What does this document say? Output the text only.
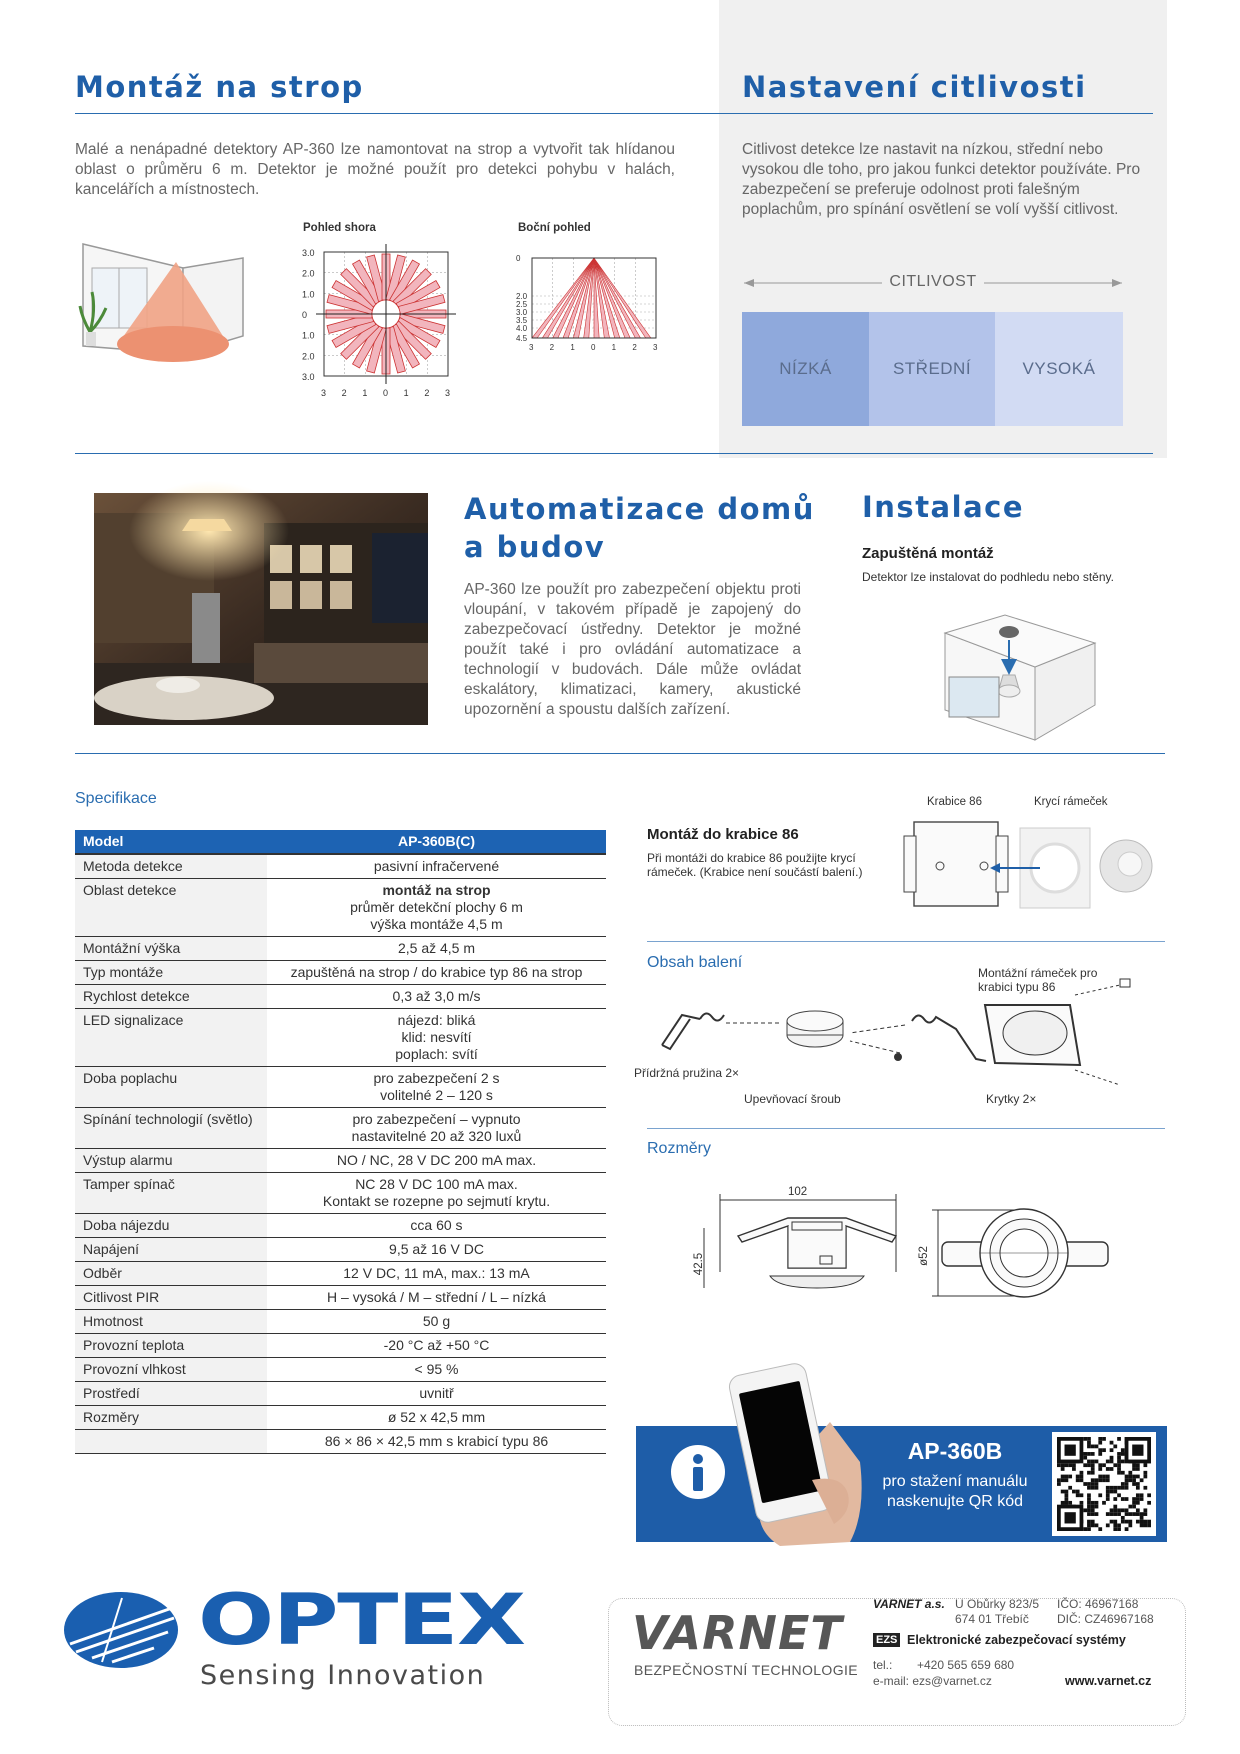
Montáž na strop
Malé a nenápadné detektory AP-360 lze namontovat na strop a vytvořit tak hlídanou oblast o průměru 6 m. Detektor je možné použít pro detekci pohybu v halách, kancelářích a místnostech.
Pohled shora
3.0
2.0
1.0
0
1.0
2.0
3.0
3 2 1 0 1 2 3
Boční pohled
0
2.0
2.5
3.0
3.5
4.0
4.5
3 2 1 0 1 2 3
Nastavení citlivosti
Citlivost detekce lze nastavit na nízkou, střední nebo vysokou dle toho, pro jakou funkci detektor používáte. Pro zabezpečení se preferuje odolnost proti falešným poplachům, pro spínání osvětlení se volí vyšší citlivost.
CITLIVOST
NÍZKÁ	STŘEDNÍ	VYSOKÁ
Automatizace domů
a budov
AP-360 lze použít pro zabezpečení objektu proti vloupání, v takovém případě je zapojený do zabezpečovací ústředny. Detektor je možné použít také i pro ovládání automatizace a technologií v budovách. Dále může ovládat eskalátory, klimatizaci, kamery, akustické upozornění a spoustu dalších zařízení.
Instalace
Zapuštěná montáž
Detektor lze instalovat do podhledu nebo stěny.
Specifikace
Model	AP-360B(C)
Metoda detekce	pasivní infračervené

Oblast detekce	montáž na strop
průměr detekční plochy 6 m
výška montáže 4,5 m

Montážní výška	2,5 až 4,5 m

Typ montáže	zapuštěná na strop / do krabice typ 86 na strop

Rychlost detekce	0,3 až 3,0 m/s

LED signalizace	nájezd: bliká
klid: nesvítí
poplach: svítí

Doba poplachu	pro zabezpečení 2 s
volitelné 2 – 120 s

Spínání technologií (světlo)	pro zabezpečení – vypnuto
nastavitelné 20 až 320 luxů

Výstup alarmu	NO / NC, 28 V DC 200 mA max.

Tamper spínač	NC 28 V DC 100 mA max.
Kontakt se rozepne po sejmutí krytu.

Doba nájezdu	cca 60 s

Napájení	9,5 až 16 V DC

Odběr	12 V DC, 11 mA, max.: 13 mA

Citlivost PIR	H – vysoká / M – střední / L – nízká

Hmotnost	50 g

Provozní teplota	-20 °C až +50 °C

Provozní vlhkost	< 95 %

Prostředí	uvnitř

Rozměry	ø 52 x 42,5 mm

	86 × 86 × 42,5 mm s krabicí typu 86
Montáž do krabice 86
Při montáži do krabice 86 použijte krycí rámeček. (Krabice není součástí balení.)
Krabice 86	Krycí rámeček
Obsah balení
Přídržná pružina 2×
Upevňovací šroub
Montážní rámeček pro krabici typu 86
Krytky 2×
Rozměry
102
42.5	ø52
AP-360B
pro stažení manuálu
naskenujte QR kód
OPTEX
Sensing Innovation
VARNET
BEZPEČNOSTNÍ TECHNOLOGIE
VARNET a.s. U Obůrky 823/5
674 01 Třebíč
IČO: 46967168
DIČ: CZ46967168
EZS Elektronické zabezpečovací systémy
tel.: +420 565 659 680
e-mail: ezs@varnet.cz	www.varnet.cz
